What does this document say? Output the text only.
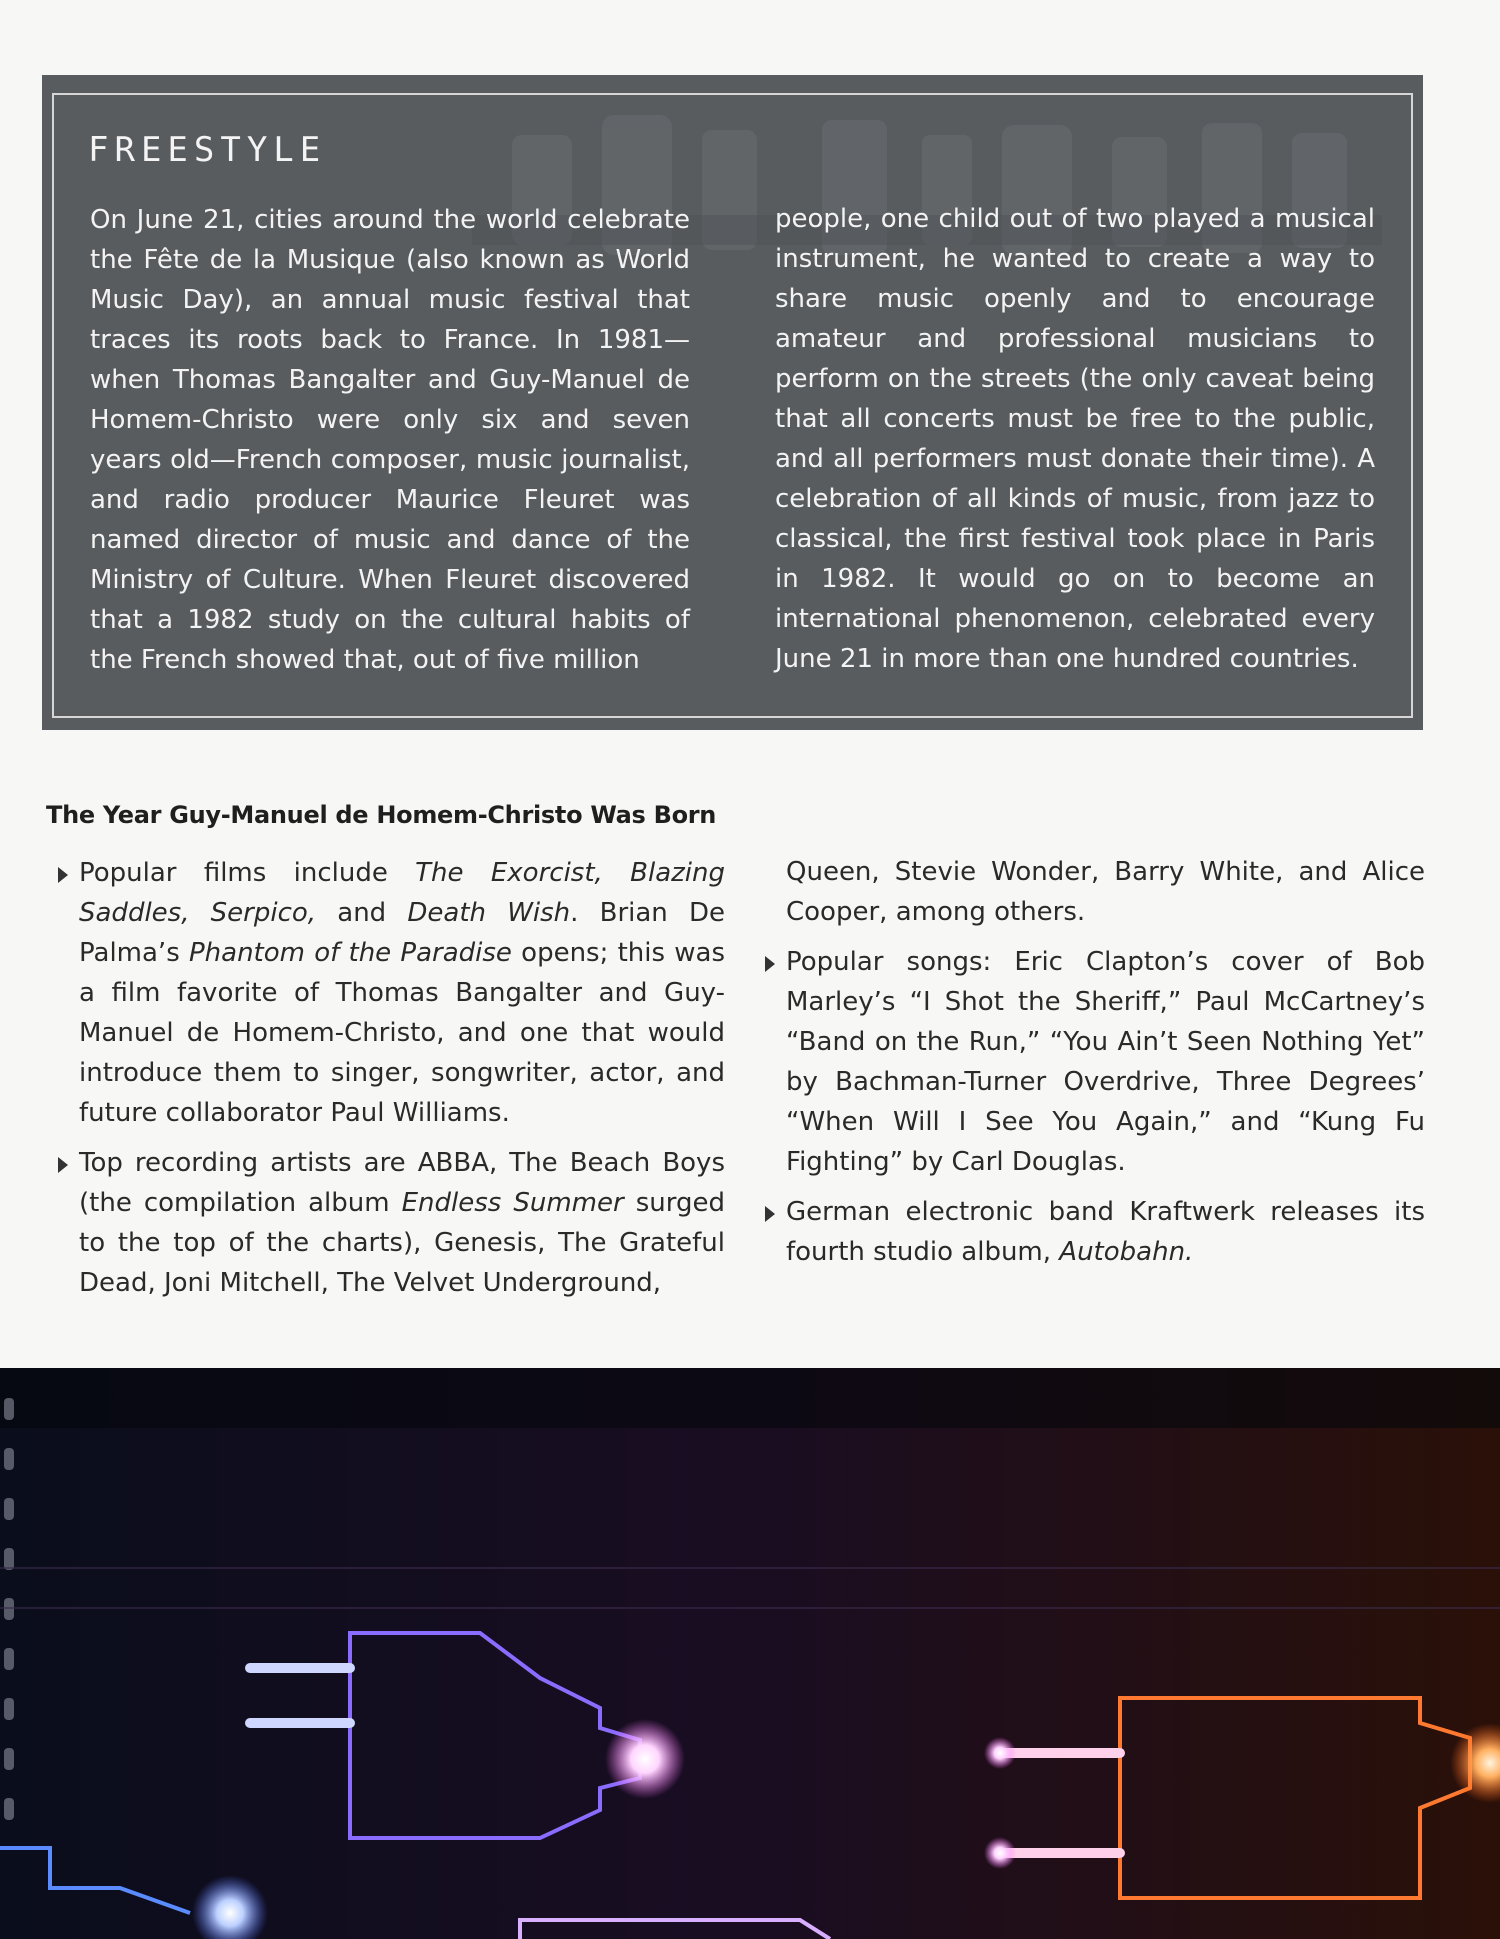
FREESTYLE

On June 21, cities around the world celebrate the Fête de la Musique (also known as World Music Day), an annual music festival that traces its roots back to France. In 1981—when Thomas Bangalter and Guy-Manuel de Homem-Christo were only six and seven years old—French composer, music journalist, and radio producer Maurice Fleuret was named director of music and dance of the Ministry of Culture. When Fleuret discovered that a 1982 study on the cultural habits of the French showed that, out of five million

people, one child out of two played a musical instrument, he wanted to create a way to share music openly and to encourage amateur and professional musicians to perform on the streets (the only caveat being that all concerts must be free to the public, and all performers must donate their time). A celebration of all kinds of music, from jazz to classical, the first festival took place in Paris in 1982. It would go on to become an international phenomenon, celebrated every June 21 in more than one hundred countries.

The Year Guy-Manuel de Homem-Christo Was Born
Popular films include The Exorcist, Blazing Saddles, Serpico, and Death Wish. Brian De Palma’s Phantom of the Paradise opens; this was a film favorite of Thomas Bangalter and Guy-Manuel de Homem-Christo, and one that would introduce them to singer, songwriter, actor, and future collaborator Paul Williams.
Top recording artists are ABBA, The Beach Boys (the compilation album Endless Summer surged to the top of the charts), Genesis, The Grateful Dead, Joni Mitchell, The Velvet Underground,
Queen, Stevie Wonder, Barry White, and Alice Cooper, among others.
Popular songs: Eric Clapton’s cover of Bob Marley’s “I Shot the Sheriff,” Paul McCartney’s “Band on the Run,” “You Ain’t Seen Nothing Yet” by Bachman-Turner Overdrive, Three Degrees’ “When Will I See You Again,” and “Kung Fu Fighting” by Carl Douglas.
German electronic band Kraftwerk releases its fourth studio album, Autobahn.
